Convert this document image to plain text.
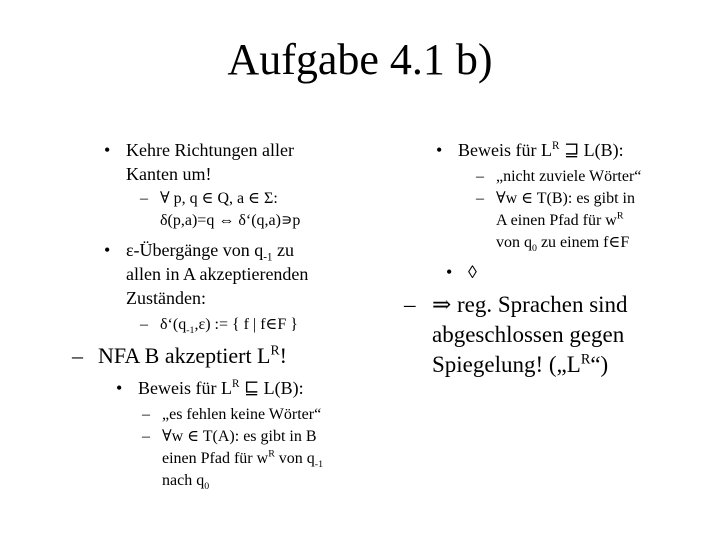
Aufgabe 4.1 b)
• Kehre Richtungen aller
Kanten um!
– ∀ p, q ∈ Q, a ∈ Σ:
δ(p,a)=q ⇔ δ‘(q,a)∍p
• ε-Übergänge von $q_{-1}$ zu
allen in A akzeptierenden
Zuständen:
– $\delta‘(q_{-1},\varepsilon)$ := { f | f∈F }
– NFA B akzeptiert $L^R$!
• Beweis für $L^R$ ⊑ L(B):
– „es fehlen keine Wörter“
– ∀w ∈ T(A): es gibt in B
einen Pfad für $w^R$ von $q_{-1}$
nach $q_0$
• Beweis für $L^R$ ⊒ L(B):
– „nicht zuviele Wörter“
– ∀w ∈ T(B): es gibt in
A einen Pfad für $w^R$
von $q_0$ zu einem f∈F
• ◊
– ⇒ reg. Sprachen sind
abgeschlossen gegen
Spiegelung! $(„L^R“)$
